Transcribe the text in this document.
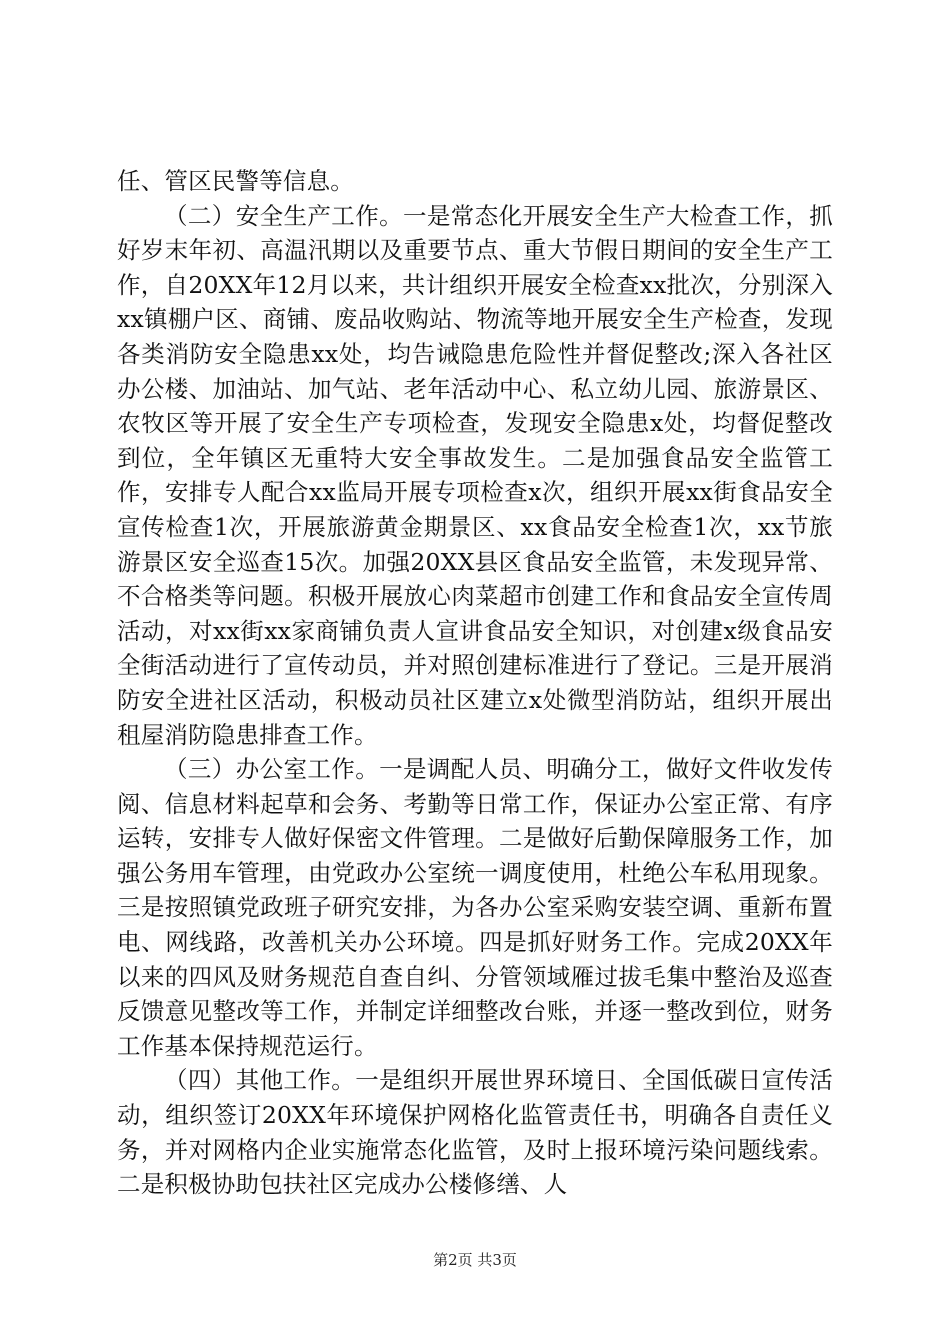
任、管区民警等信息。

（二）安全生产工作。一是常态化开展安全生产大检查工作，抓好岁末年初、高温汛期以及重要节点、重大节假日期间的安全生产工作，自20XX年12月以来，共计组织开展安全检查xx批次，分别深入xx镇棚户区、商铺、废品收购站、物流等地开展安全生产检查，发现各类消防安全隐患xx处，均告诫隐患危险性并督促整改;深入各社区办公楼、加油站、加气站、老年活动中心、私立幼儿园、旅游景区、农牧区等开展了安全生产专项检查，发现安全隐患x处，均督促整改到位，全年镇区无重特大安全事故发生。二是加强食品安全监管工作，安排专人配合xx监局开展专项检查x次，组织开展xx街食品安全宣传检查1次，开展旅游黄金期景区、xx食品安全检查1次，xx节旅游景区安全巡查15次。加强20XX县区食品安全监管，未发现异常、不合格类等问题。积极开展放心肉菜超市创建工作和食品安全宣传周活动，对xx街xx家商铺负责人宣讲食品安全知识，对创建x级食品安全街活动进行了宣传动员，并对照创建标准进行了登记。三是开展消防安全进社区活动，积极动员社区建立x处微型消防站，组织开展出租屋消防隐患排查工作。

（三）办公室工作。一是调配人员、明确分工，做好文件收发传阅、信息材料起草和会务、考勤等日常工作，保证办公室正常、有序运转，安排专人做好保密文件管理。二是做好后勤保障服务工作，加强公务用车管理，由党政办公室统一调度使用，杜绝公车私用现象。三是按照镇党政班子研究安排，为各办公室采购安装空调、重新布置电、网线路，改善机关办公环境。四是抓好财务工作。完成20XX年以来的四风及财务规范自查自纠、分管领域雁过拔毛集中整治及巡查反馈意见整改等工作，并制定详细整改台账，并逐一整改到位，财务工作基本保持规范运行。

（四）其他工作。一是组织开展世界环境日、全国低碳日宣传活动，组织签订20XX年环境保护网格化监管责任书，明确各自责任义务，并对网格内企业实施常态化监管，及时上报环境污染问题线索。二是积极协助包扶社区完成办公楼修缮、人

第2页 共3页
